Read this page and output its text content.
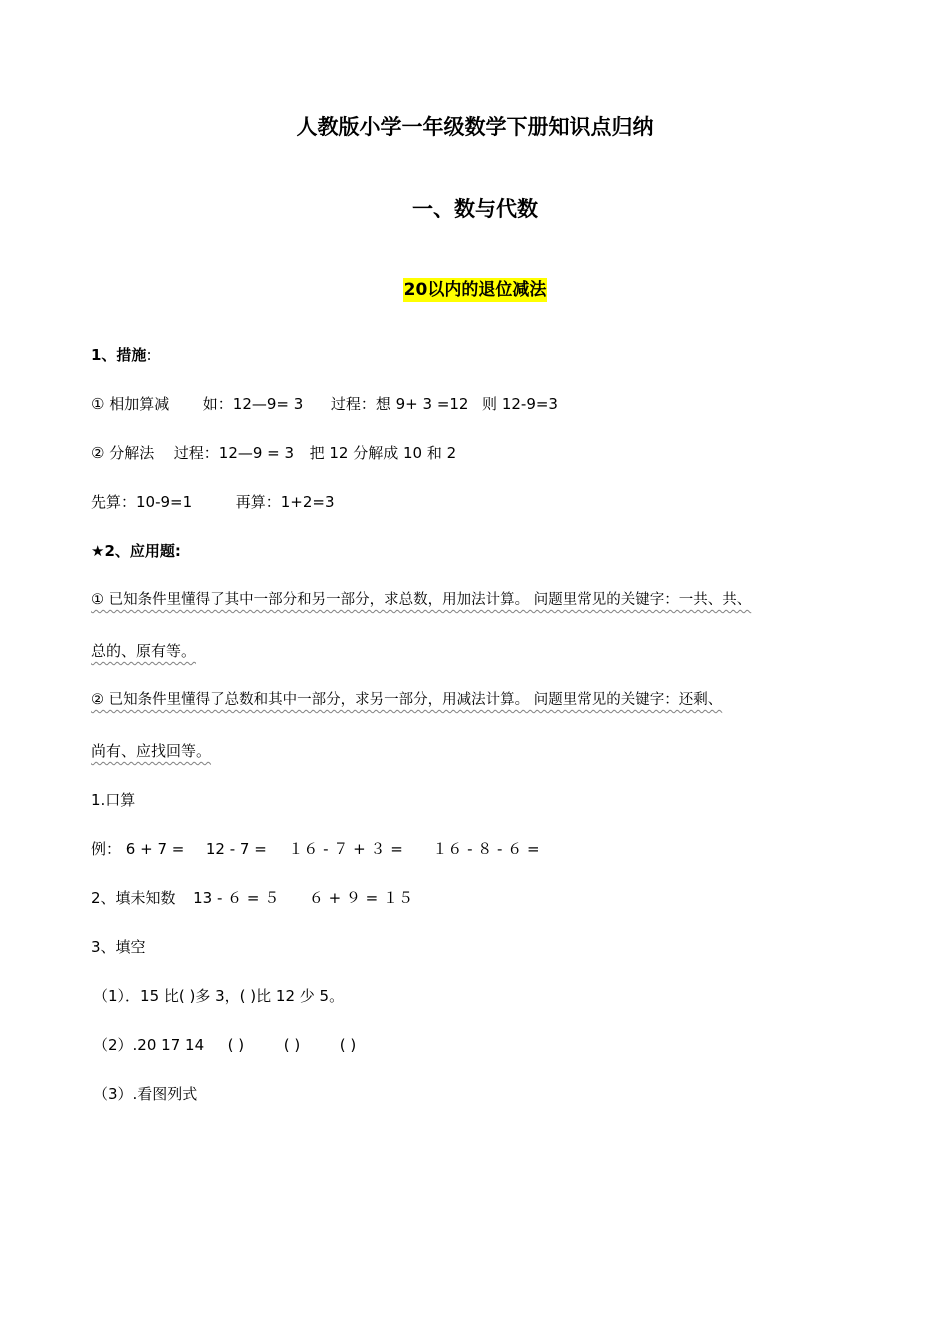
人教版小学一年级数学下册知识点归纳
一、数与代数
20以内的退位减法
1、措施:
① 相加算减 如：12—9= 3 过程：想 9+ 3 =12 则 12-9=3
② 分解法 过程：12—9 = 3 把 12 分解成 10 和 2
先算：10-9=1	再算：1+2=3
★2、应用题:
① 已知条件里懂得了其中一部分和另一部分，求总数，用加法计算。 问题里常见的关键字：一共、共、
总的、原有等。
② 已知条件里懂得了总数和其中一部分，求另一部分，用减法计算。 问题里常见的关键字：还剩、
尚有、应找回等。
1.口算
例： 6 + 7 = 12 - 7 = １６ - ７ + ３ = １６ - ８ - ６ =
2、填未知数 13 - ６ = ５ ６ + ９ = １５
3、填空
（1）．15 比( )多 3，( )比 12 少 5。
（2）.20 17 14 ( )	( )	( )
（3）.看图列式
